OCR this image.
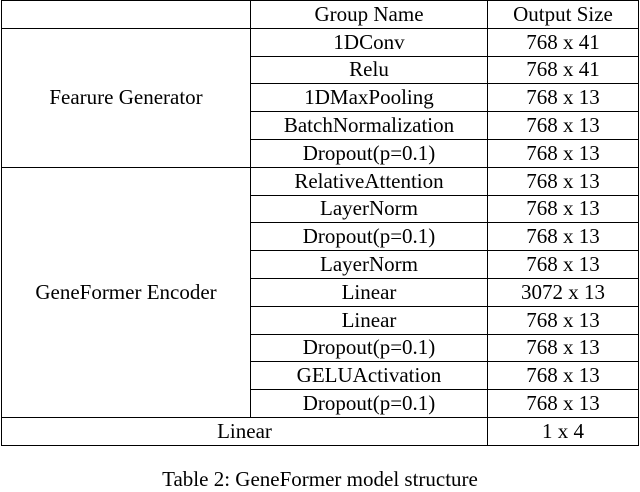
	Group Name	Output Size
Fearure Generator	1DConv	768 x 41
	Relu	768 x 41
	1DMaxPooling	768 x 13
	BatchNormalization	768 x 13
	Dropout(p=0.1)	768 x 13
GeneFormer Encoder	RelativeAttention	768 x 13
	LayerNorm	768 x 13
	Dropout(p=0.1)	768 x 13
	LayerNorm	768 x 13
	Linear	3072 x 13
	Linear	768 x 13
	Dropout(p=0.1)	768 x 13
	GELUActivation	768 x 13
	Dropout(p=0.1)	768 x 13
Linear		1 x 4
Table 2: GeneFormer model structure
